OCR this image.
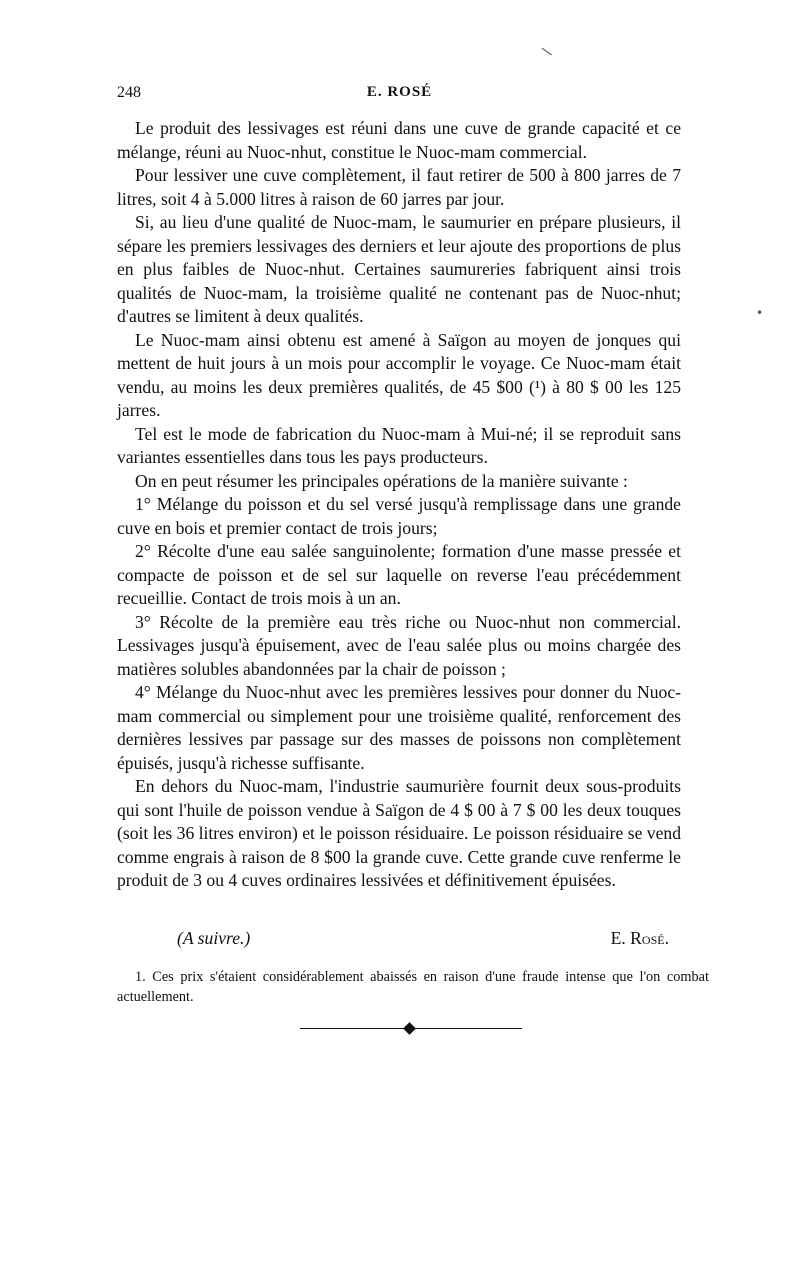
|
•
248	E. ROSÉ

Le produit des lessivages est réuni dans une cuve de grande capacité et ce mélange, réuni au Nuoc-nhut, constitue le Nuoc-mam commercial.

Pour lessiver une cuve complètement, il faut retirer de 500 à 800 jarres de 7 litres, soit 4 à 5.000 litres à raison de 60 jarres par jour.

Si, au lieu d'une qualité de Nuoc-mam, le saumurier en prépare plusieurs, il sépare les premiers lessivages des derniers et leur ajoute des proportions de plus en plus faibles de Nuoc-nhut. Certaines saumureries fabriquent ainsi trois qualités de Nuoc-mam, la troisième qualité ne contenant pas de Nuoc-nhut; d'autres se limitent à deux qualités.

Le Nuoc-mam ainsi obtenu est amené à Saïgon au moyen de jonques qui mettent de huit jours à un mois pour accomplir le voyage. Ce Nuoc-mam était vendu, au moins les deux premières qualités, de 45 $00 (¹) à 80 $ 00 les 125 jarres.

Tel est le mode de fabrication du Nuoc-mam à Mui-né; il se reproduit sans variantes essentielles dans tous les pays producteurs.

On en peut résumer les principales opérations de la manière suivante :

1° Mélange du poisson et du sel versé jusqu'à remplissage dans une grande cuve en bois et premier contact de trois jours;

2° Récolte d'une eau salée sanguinolente; formation d'une masse pressée et compacte de poisson et de sel sur laquelle on reverse l'eau précédemment recueillie. Contact de trois mois à un an.

3° Récolte de la première eau très riche ou Nuoc-nhut non commercial. Lessivages jusqu'à épuisement, avec de l'eau salée plus ou moins chargée des matières solubles abandonnées par la chair de poisson ;

4° Mélange du Nuoc-nhut avec les premières lessives pour donner du Nuoc-mam commercial ou simplement pour une troisième qualité, renforcement des dernières lessives par passage sur des masses de poissons non complètement épuisés, jusqu'à richesse suffisante.

En dehors du Nuoc-mam, l'industrie saumurière fournit deux sous-produits qui sont l'huile de poisson vendue à Saïgon de 4 $ 00 à 7 $ 00 les deux touques (soit les 36 litres environ) et le poisson résiduaire. Le poisson résiduaire se vend comme engrais à raison de 8 $00 la grande cuve. Cette grande cuve renferme le produit de 3 ou 4 cuves ordinaires lessivées et définitivement épuisées.

(A suivre.)	E. Rosé.
1. Ces prix s'étaient considérablement abaissés en raison d'une fraude intense que l'on combat actuellement.
